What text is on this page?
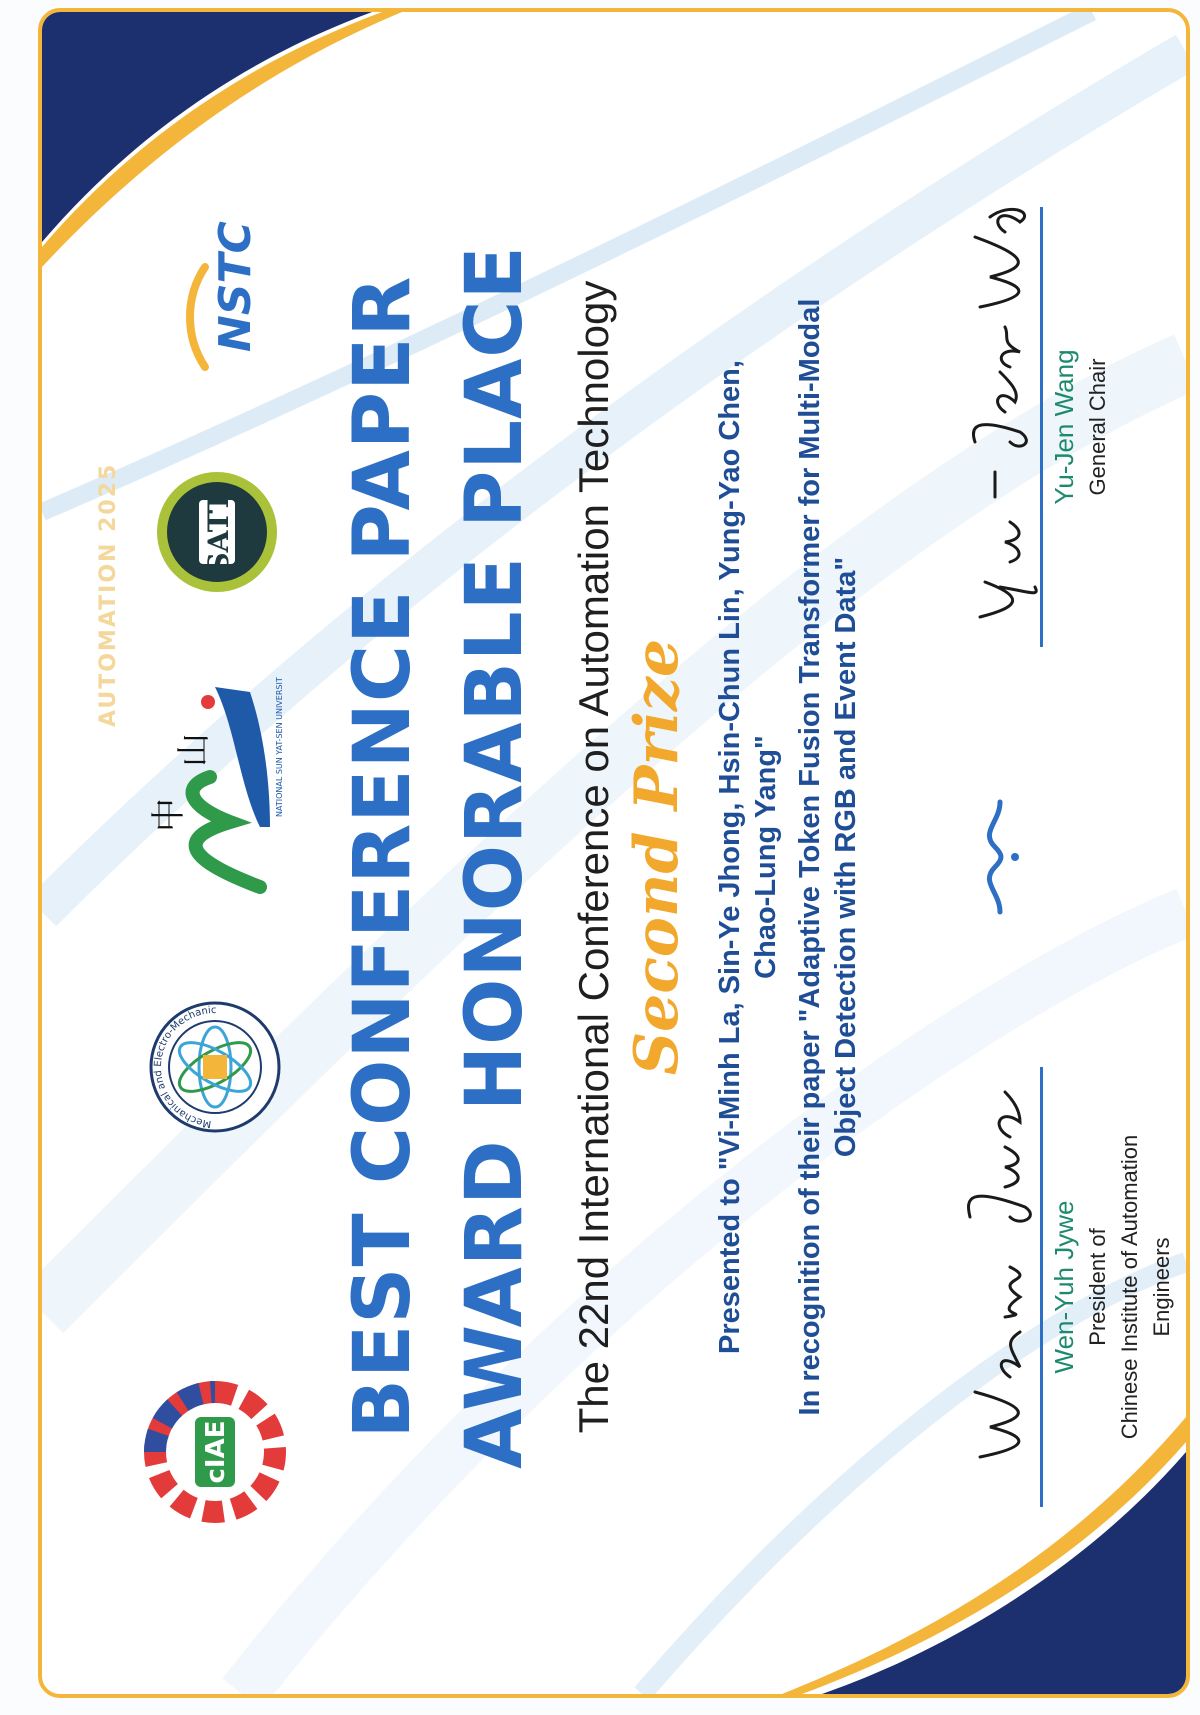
AUTOMATION 2025
cIAE
Mechanical and Electro-Mechanic
中
山	NATIONAL SUN YAT-SEN UNIVERSITY
SATT
NSTC BEST CONFERENCE PAPER AWARD HONORABLE PLACE The 22nd International Conference on Automation Technology Second Prize Presented to "Vi-Minh La, Sin-Ye Jhong, Hsin-Chun Lin, Yung-Yao Chen, Chao-Lung Yang" In recognition of their paper "Adaptive Token Fusion Transformer for Multi-Modal Object Detection with RGB and Event Data"
Wen-Yuh Jywe President of Chinese Institute of Automation Engineers
Yu-Jen Wang General Chair
